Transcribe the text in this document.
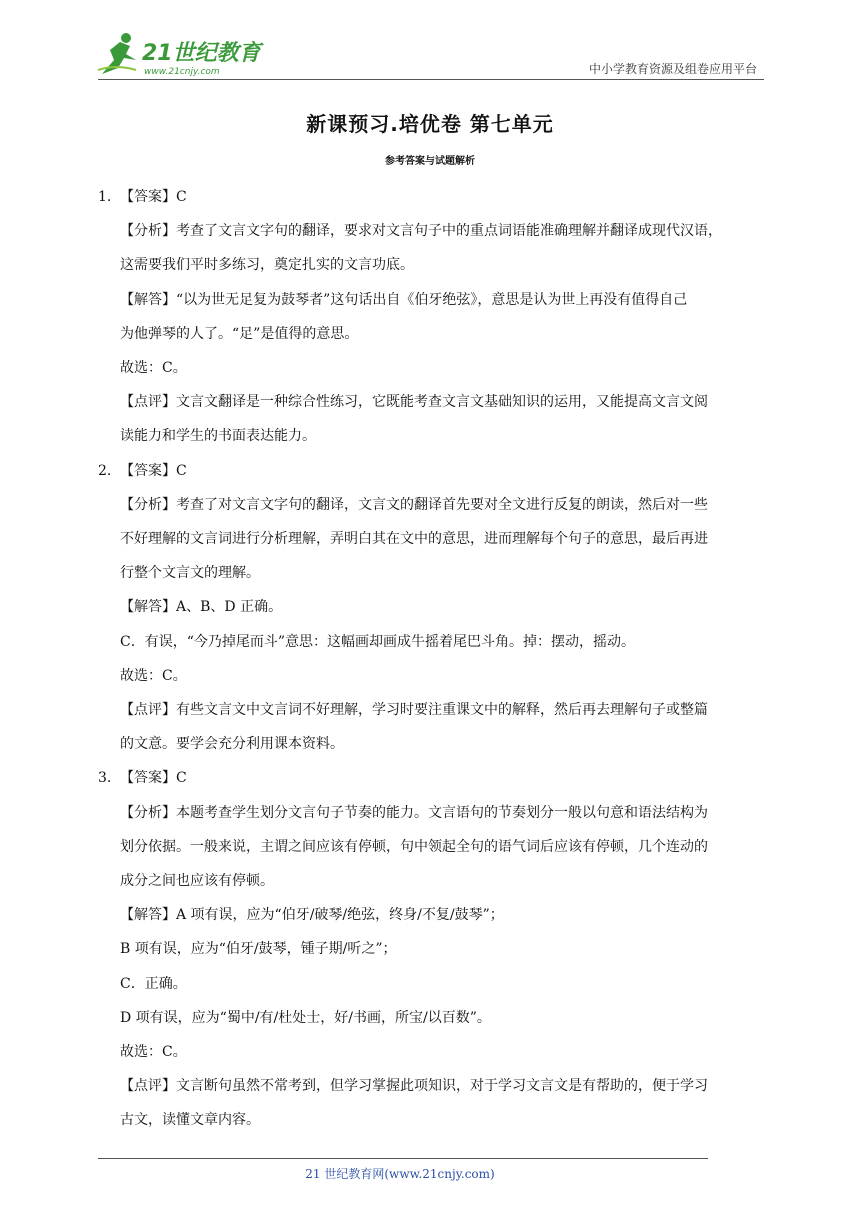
21世纪教育
www.21cnjy.com	中小学教育资源及组卷应用平台
新课预习.培优卷 第七单元
参考答案与试题解析
1. 【答案】C
【分析】考查了文言文字句的翻译，要求对文言句子中的重点词语能准确理解并翻译成现代汉语，
这需要我们平时多练习，奠定扎实的文言功底。
【解答】“以为世无足复为鼓琴者”这句话出自《伯牙绝弦》，意思是认为世上再没有值得自己
为他弹琴的人了。“足”是值得的意思。
故选：C。
【点评】文言文翻译是一种综合性练习，它既能考查文言文基础知识的运用，又能提高文言文阅
读能力和学生的书面表达能力。
2. 【答案】C
【分析】考查了对文言文字句的翻译，文言文的翻译首先要对全文进行反复的朗读，然后对一些
不好理解的文言词进行分析理解，弄明白其在文中的意思，进而理解每个句子的意思，最后再进
行整个文言文的理解。
【解答】A、B、D 正确。
C．有误，“今乃掉尾而斗”意思：这幅画却画成牛摇着尾巴斗角。掉：摆动，摇动。
故选：C。
【点评】有些文言文中文言词不好理解，学习时要注重课文中的解释，然后再去理解句子或整篇
的文意。要学会充分利用课本资料。
3. 【答案】C
【分析】本题考查学生划分文言句子节奏的能力。文言语句的节奏划分一般以句意和语法结构为
划分依据。一般来说，主谓之间应该有停顿，句中领起全句的语气词后应该有停顿，几个连动的
成分之间也应该有停顿。
【解答】A 项有误，应为“伯牙/破琴/绝弦，终身/不复/鼓琴”；
B 项有误，应为“伯牙/鼓琴，锺子期/听之”；
C．正确。
D 项有误，应为“蜀中/有/杜处士，好/书画，所宝/以百数”。
故选：C。
【点评】文言断句虽然不常考到，但学习掌握此项知识，对于学习文言文是有帮助的，便于学习
古文，读懂文章内容。
21 世纪教育网(www.21cnjy.com)
